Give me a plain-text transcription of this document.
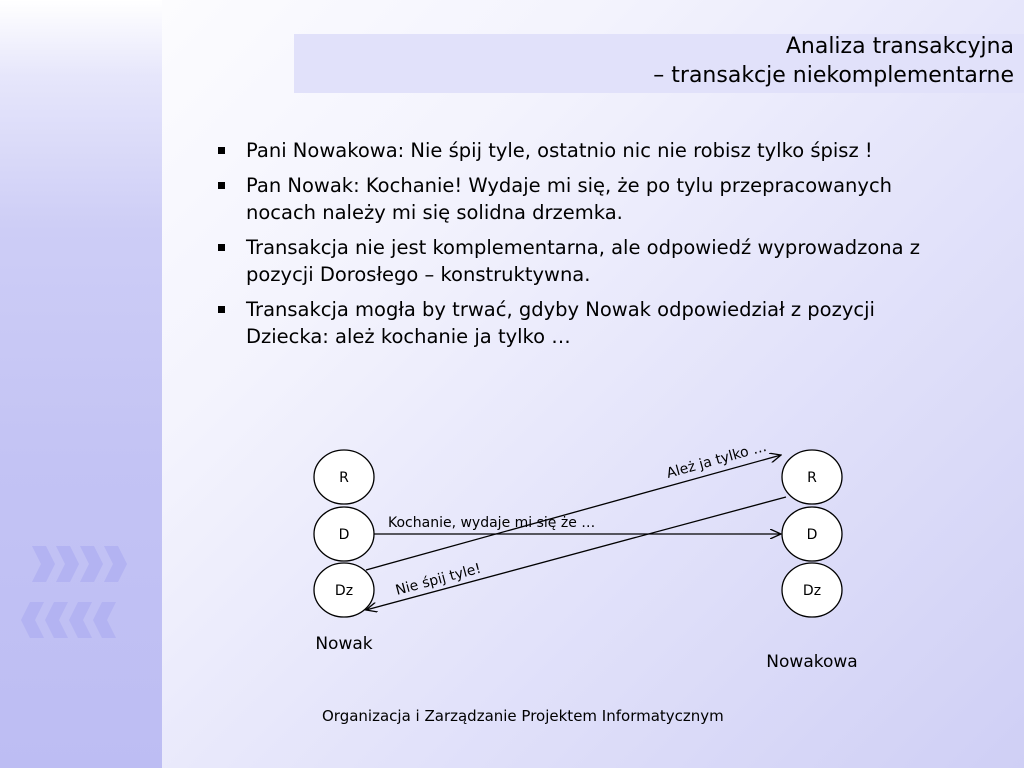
Analiza transakcyjna
– transakcje niekomplementarne
Pani Nowakowa: Nie śpij tyle, ostatnio nic nie robisz tylko śpisz !
Pan Nowak: Kochanie! Wydaje mi się, że po tylu przepracowanych nocach należy mi się solidna drzemka.
Transakcja nie jest komplementarna, ale odpowiedź wyprowadzona z pozycji Dorosłego – konstruktywna.
Transakcja mogła by trwać, gdyby Nowak odpowiedział z pozycji Dziecka: ależ kochanie ja tylko …
R
D
Dz
R
D
Dz
Kochanie, wydaje mi się że …
Ależ ja tylko …
Nie śpij tyle!
Nowak
Nowakowa
Organizacja i Zarządzanie Projektem Informatycznym
